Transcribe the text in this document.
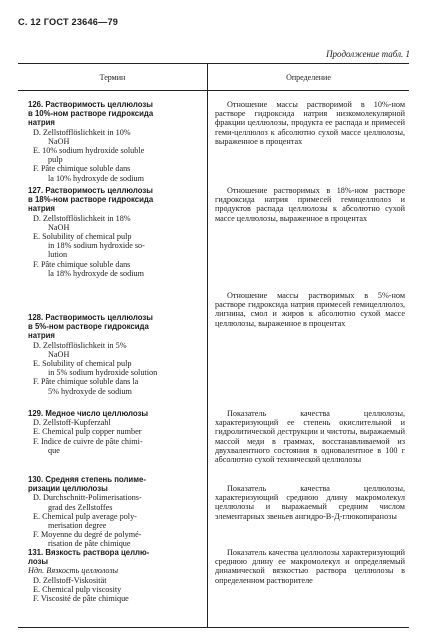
С. 12 ГОСТ 23646—79
Продолжение табл. 1
Термин	Определение
126. Растворимость целлюлозы
в 10%-ном растворе гидроксида
натрия
D. Zellstofflöslichkeit in 10%
NaOH
E. 10% sodium hydroxide soluble
pulp
F. Pâte chimique soluble dans
la 10% hydroxyde de sodium
127. Растворимость целлюлозы
в 18%-ном растворе гидроксида
натрия
D. Zellstofflöslichkeit in 18%
NaOH
E. Solubility of chemical pulp
in 18% sodium hydroxide so-
lution
F. Pâte chimique soluble dans
la 18% hydroxyde de sodium
128. Растворимость целлюлозы
в 5%-ном растворе гидроксида
натрия
D. Zellstofflöslichkeit in 5%
NaOH
E. Solubility of chemical pulp
in 5% sodium hydroxide solution
F. Pâte chimique soluble dans la
5% hydroxyde de sodium
129. Медное число целлюлозы
D. Zellstoff-Kupferzahl
E. Chemical pulp copper number
F. Indice de cuivre de pâte chimi-
que
130. Средняя степень полиме-
ризации целлюлозы
D. Durchschnitt-Polimerisations-
grad des Zellstoffes
E. Chemical pulp average poly-
merisation degree
F. Moyenne du degré de polymé-
risation de pâte chimique
131. Вязкость раствора целлю-
лозы
Ндп. Вязкость целлюлозы
D. Zellstoff-Viskosität
E. Chemical pulp viscosity
F. Viscosité de pâte chimique
Отношение массы растворимой в 10%-ном растворе гидроксида натрия низкомолекулярной фракции целлюлозы, продукта ее распада и примесей геми-целлюлоз к абсолютно сухой массе целлюлозы, выраженное в процентах
Отношение растворимых в 18%-ном растворе гидроксида натрия примесей гемицеллюлоз и продуктов распада целлюлозы к абсолютно сухой массе целлюлозы, выраженное в процентах
Отношение массы растворимых в 5%-ном растворе гидроксида натрия примесей гемицеллюлоз, лигнина, смол и жиров к абсолютно сухой массе целлюлозы, выраженное в процентах
Показатель качества целлюлозы, характеризующий ее степень окислительной и гидролитической деструкции и чистоты, выражаемый массой меди в граммах, восстанавливаемой из двухвалентного состояния в одновалентное в 100 г абсолютно сухой технической целлюлозы
Показатель качества целлюлозы, характеризующий среднюю длину макромолекул целлюлозы и выражаемый средним числом элементарных звеньев ангидро-В-Д-глюкопиранозы
Показатель качества целлюлозы характеризующий среднюю длину ее макромолекул и определяемый динамической вязкостью раствора целлюлозы в определенном растворителе
